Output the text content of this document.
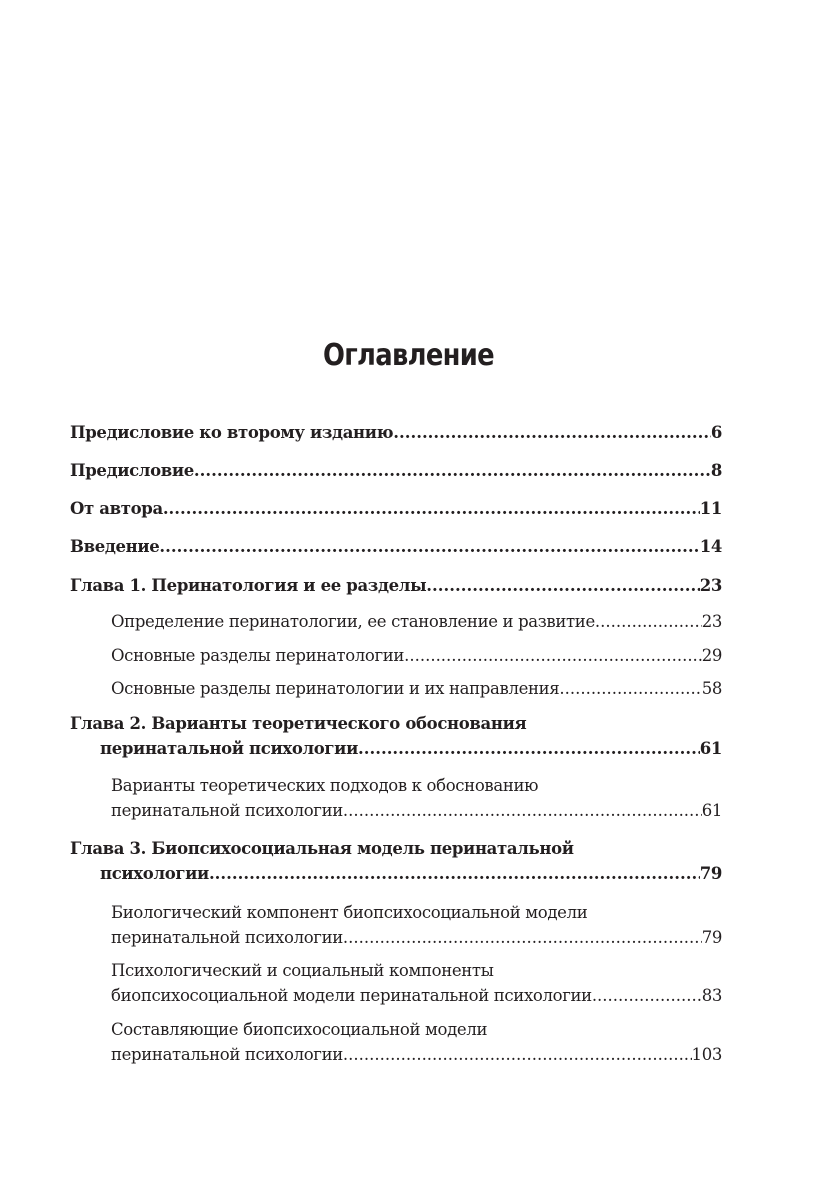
Оглавление
Предисловие ко второму изданию .....	6
Предисловие .....	8
От автора .....	11
Введение .....	14
Глава 1. Перинатология и ее разделы .....	23
Определение перинатологии, ее становление и развитие .....	23
Основные разделы перинатологии .....	29
Основные разделы перинатологии и их направления .....	58
Глава 2. Варианты теоретического обоснования
перинатальной психологии .....	61
Варианты теоретических подходов к обоснованию
перинатальной психологии .....	61
Глава 3. Биопсихосоциальная модель перинатальной
психологии .....	79
Биологический компонент биопсихосоциальной модели
перинатальной психологии .....	79
Психологический и социальный компоненты
биопсихосоциальной модели перинатальной психологии .....	83
Составляющие биопсихосоциальной модели
перинатальной психологии .....	103
